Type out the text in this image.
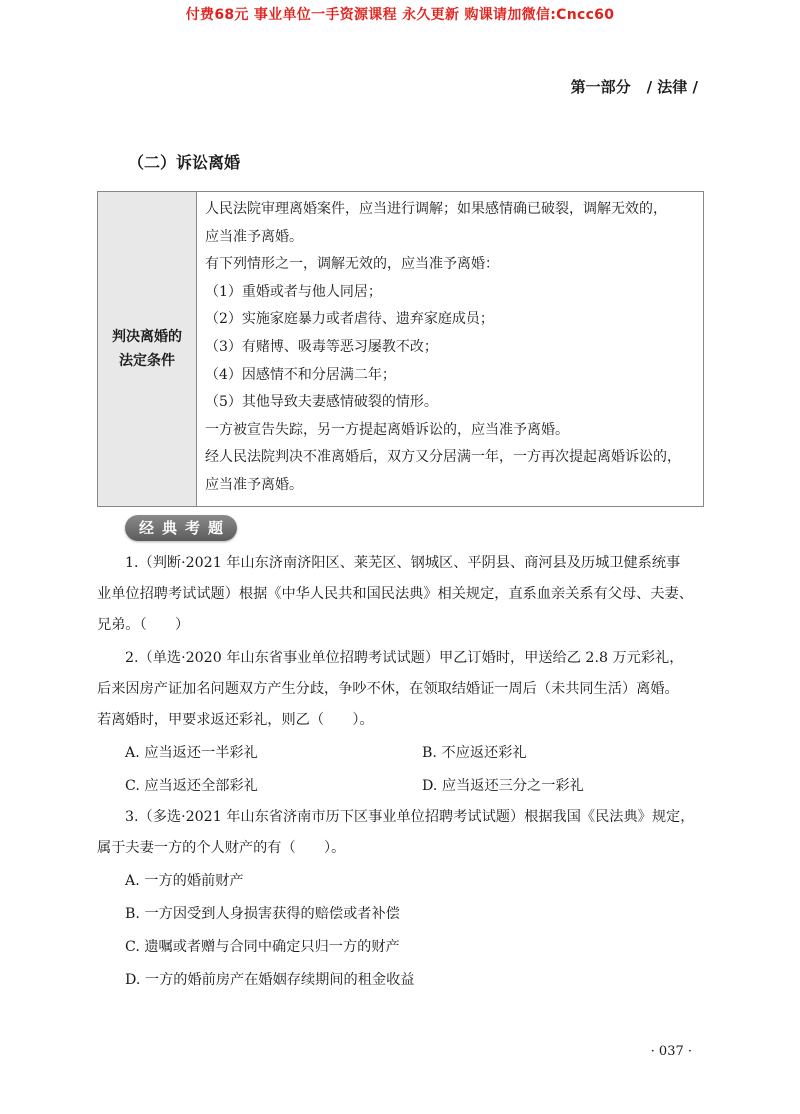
付费68元 事业单位一手资源课程 永久更新 购课请加微信:Cncc60
第一部分 / 法律 /
（二）诉讼离婚
判决离婚的
法定条件

人民法院审理离婚案件，应当进行调解；如果感情确已破裂，调解无效的，
应当准予离婚。
有下列情形之一，调解无效的，应当准予离婚：
（1）重婚或者与他人同居；
（2）实施家庭暴力或者虐待、遗弃家庭成员；
（3）有赌博、吸毒等恶习屡教不改；
（4）因感情不和分居满二年；
（5）其他导致夫妻感情破裂的情形。
一方被宣告失踪，另一方提起离婚诉讼的，应当准予离婚。
经人民法院判决不准离婚后，双方又分居满一年，一方再次提起离婚诉讼的，
应当准予离婚。
经典考题
1.（判断·2021 年山东济南济阳区、莱芜区、钢城区、平阴县、商河县及历城卫健系统事
业单位招聘考试试题）根据《中华人民共和国民法典》相关规定，直系血亲关系有父母、夫妻、
兄弟。（　　）
2.（单选·2020 年山东省事业单位招聘考试试题）甲乙订婚时，甲送给乙 2.8 万元彩礼，
后来因房产证加名问题双方产生分歧，争吵不休，在领取结婚证一周后（未共同生活）离婚。
若离婚时，甲要求返还彩礼，则乙（　　）。
A. 应当返还一半彩礼	B. 不应返还彩礼
C. 应当返还全部彩礼	D. 应当返还三分之一彩礼
3.（多选·2021 年山东省济南市历下区事业单位招聘考试试题）根据我国《民法典》规定，
属于夫妻一方的个人财产的有（　　）。
A. 一方的婚前财产
B. 一方因受到人身损害获得的赔偿或者补偿
C. 遗嘱或者赠与合同中确定只归一方的财产
D. 一方的婚前房产在婚姻存续期间的租金收益
· 037 ·
